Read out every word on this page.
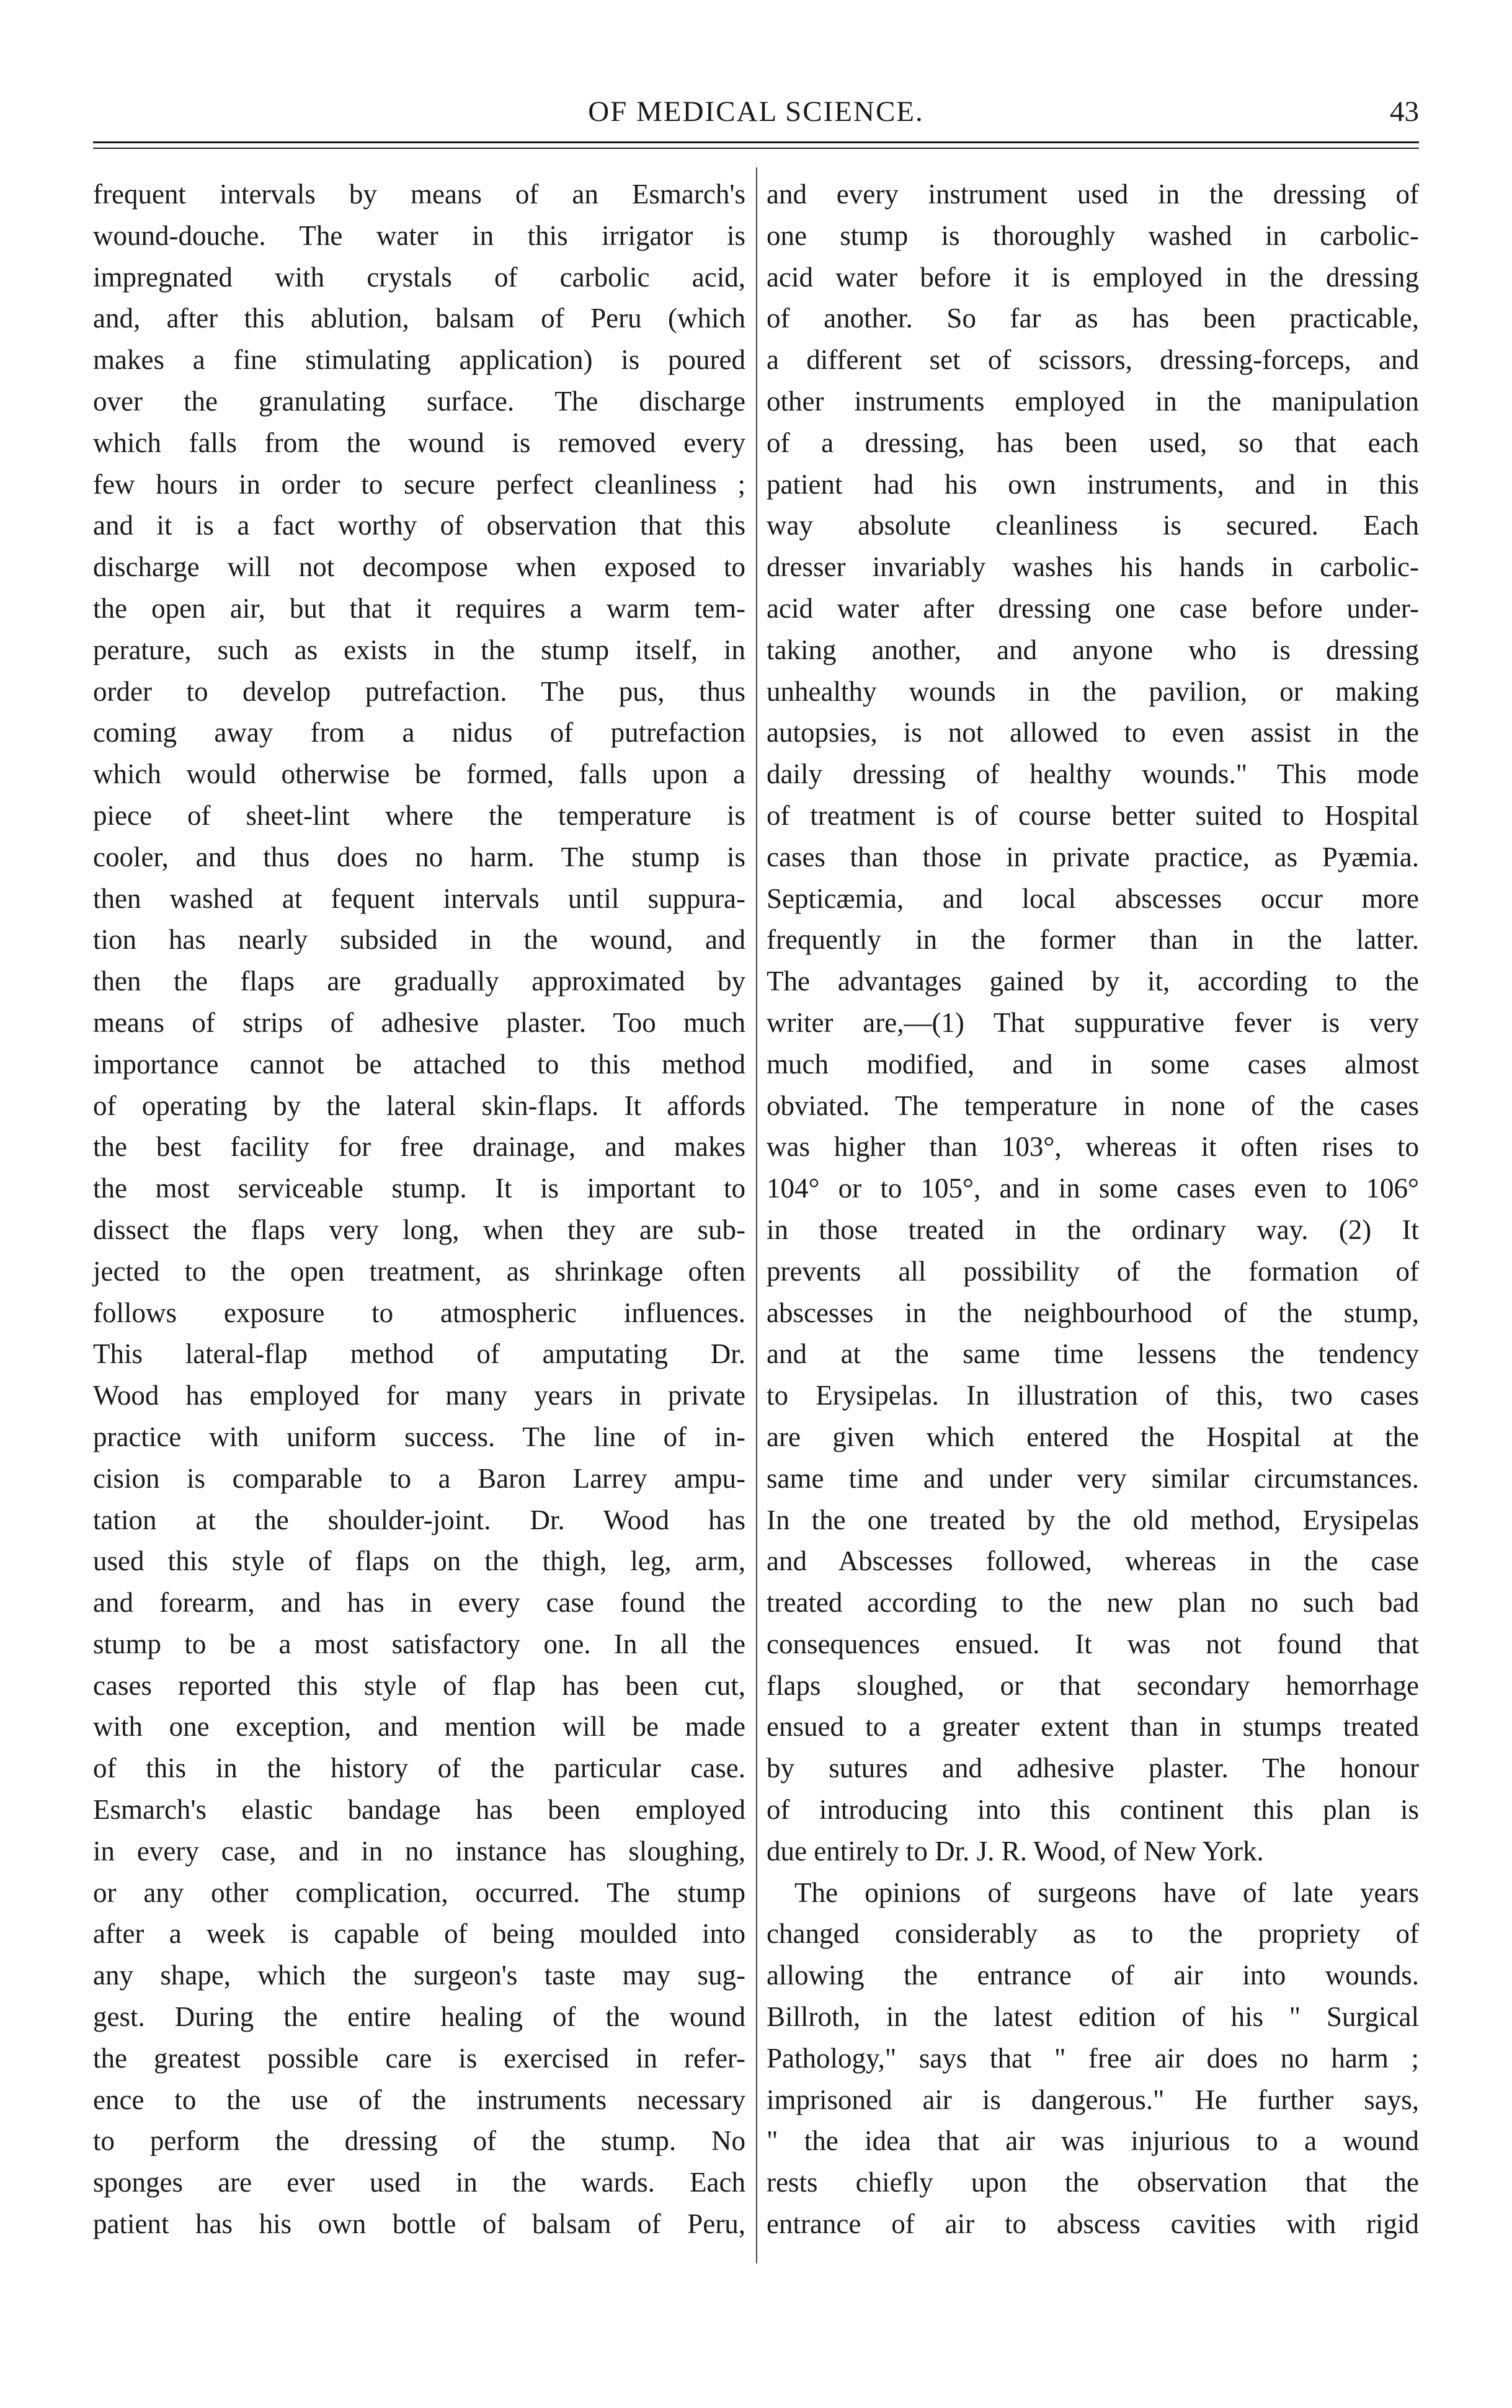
OF MEDICAL SCIENCE.	43

frequent intervals by means of an Esmarch's
wound-douche. The water in this irrigator is
impregnated with crystals of carbolic acid,
and, after this ablution, balsam of Peru (which
makes a fine stimulating application) is poured
over the granulating surface. The discharge
which falls from the wound is removed every
few hours in order to secure perfect cleanliness ;
and it is a fact worthy of observation that this
discharge will not decompose when exposed to
the open air, but that it requires a warm tem-
perature, such as exists in the stump itself, in
order to develop putrefaction. The pus, thus
coming away from a nidus of putrefaction
which would otherwise be formed, falls upon a
piece of sheet-lint where the temperature is
cooler, and thus does no harm. The stump is
then washed at fequent intervals until suppura-
tion has nearly subsided in the wound, and
then the flaps are gradually approximated by
means of strips of adhesive plaster. Too much
importance cannot be attached to this method
of operating by the lateral skin-flaps. It affords
the best facility for free drainage, and makes
the most serviceable stump. It is important to
dissect the flaps very long, when they are sub-
jected to the open treatment, as shrinkage often
follows exposure to atmospheric influences.
This lateral-flap method of amputating Dr.
Wood has employed for many years in private
practice with uniform success. The line of in-
cision is comparable to a Baron Larrey ampu-
tation at the shoulder-joint. Dr. Wood has
used this style of flaps on the thigh, leg, arm,
and forearm, and has in every case found the
stump to be a most satisfactory one. In all the
cases reported this style of flap has been cut,
with one exception, and mention will be made
of this in the history of the particular case.
Esmarch's elastic bandage has been employed
in every case, and in no instance has sloughing,
or any other complication, occurred. The stump
after a week is capable of being moulded into
any shape, which the surgeon's taste may sug-
gest. During the entire healing of the wound
the greatest possible care is exercised in refer-
ence to the use of the instruments necessary
to perform the dressing of the stump. No
sponges are ever used in the wards. Each
patient has his own bottle of balsam of Peru,

and every instrument used in the dressing of
one stump is thoroughly washed in carbolic-
acid water before it is employed in the dressing
of another. So far as has been practicable,
a different set of scissors, dressing-forceps, and
other instruments employed in the manipulation
of a dressing, has been used, so that each
patient had his own instruments, and in this
way absolute cleanliness is secured. Each
dresser invariably washes his hands in carbolic-
acid water after dressing one case before under-
taking another, and anyone who is dressing
unhealthy wounds in the pavilion, or making
autopsies, is not allowed to even assist in the
daily dressing of healthy wounds." This mode
of treatment is of course better suited to Hospital
cases than those in private practice, as Pyæmia.
Septicæmia, and local abscesses occur more
frequently in the former than in the latter.
The advantages gained by it, according to the
writer are,—(1) That suppurative fever is very
much modified, and in some cases almost
obviated. The temperature in none of the cases
was higher than 103°, whereas it often rises to
104° or to 105°, and in some cases even to 106°
in those treated in the ordinary way. (2) It
prevents all possibility of the formation of
abscesses in the neighbourhood of the stump,
and at the same time lessens the tendency
to Erysipelas. In illustration of this, two cases
are given which entered the Hospital at the
same time and under very similar circumstances.
In the one treated by the old method, Erysipelas
and Abscesses followed, whereas in the case
treated according to the new plan no such bad
consequences ensued. It was not found that
flaps sloughed, or that secondary hemorrhage
ensued to a greater extent than in stumps treated
by sutures and adhesive plaster. The honour
of introducing into this continent this plan is
due entirely to Dr. J. R. Wood, of New York.

The opinions of surgeons have of late years
changed considerably as to the propriety of
allowing the entrance of air into wounds.
Billroth, in the latest edition of his " Surgical
Pathology," says that " free air does no harm ;
imprisoned air is dangerous." He further says,
" the idea that air was injurious to a wound
rests chiefly upon the observation that the
entrance of air to abscess cavities with rigid
